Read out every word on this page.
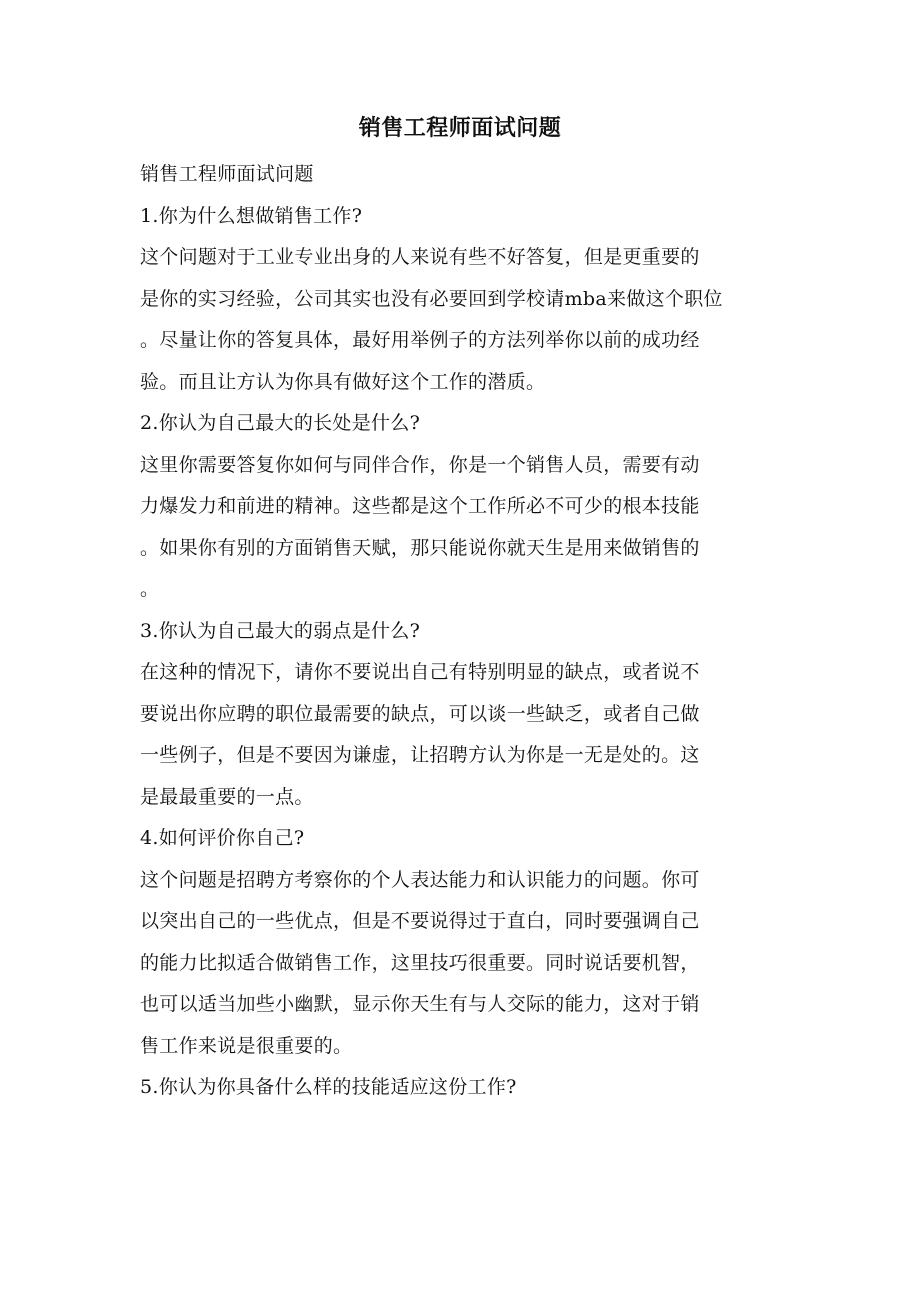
销售工程师面试问题
销售工程师面试问题
1.你为什么想做销售工作?
这个问题对于工业专业出身的人来说有些不好答复，但是更重要的
是你的实习经验，公司其实也没有必要回到学校请mba来做这个职位
。尽量让你的答复具体，最好用举例子的方法列举你以前的成功经
验。而且让方认为你具有做好这个工作的潜质。
2.你认为自己最大的长处是什么?
这里你需要答复你如何与同伴合作，你是一个销售人员，需要有动
力爆发力和前进的精神。这些都是这个工作所必不可少的根本技能
。如果你有别的方面销售天赋，那只能说你就天生是用来做销售的
。
3.你认为自己最大的弱点是什么?
在这种的情况下，请你不要说出自己有特别明显的缺点，或者说不
要说出你应聘的职位最需要的缺点，可以谈一些缺乏，或者自己做
一些例子，但是不要因为谦虚，让招聘方认为你是一无是处的。这
是最最重要的一点。
4.如何评价你自己?
这个问题是招聘方考察你的个人表达能力和认识能力的问题。你可
以突出自己的一些优点，但是不要说得过于直白，同时要强调自己
的能力比拟适合做销售工作，这里技巧很重要。同时说话要机智，
也可以适当加些小幽默，显示你天生有与人交际的能力，这对于销
售工作来说是很重要的。
5.你认为你具备什么样的技能适应这份工作?
